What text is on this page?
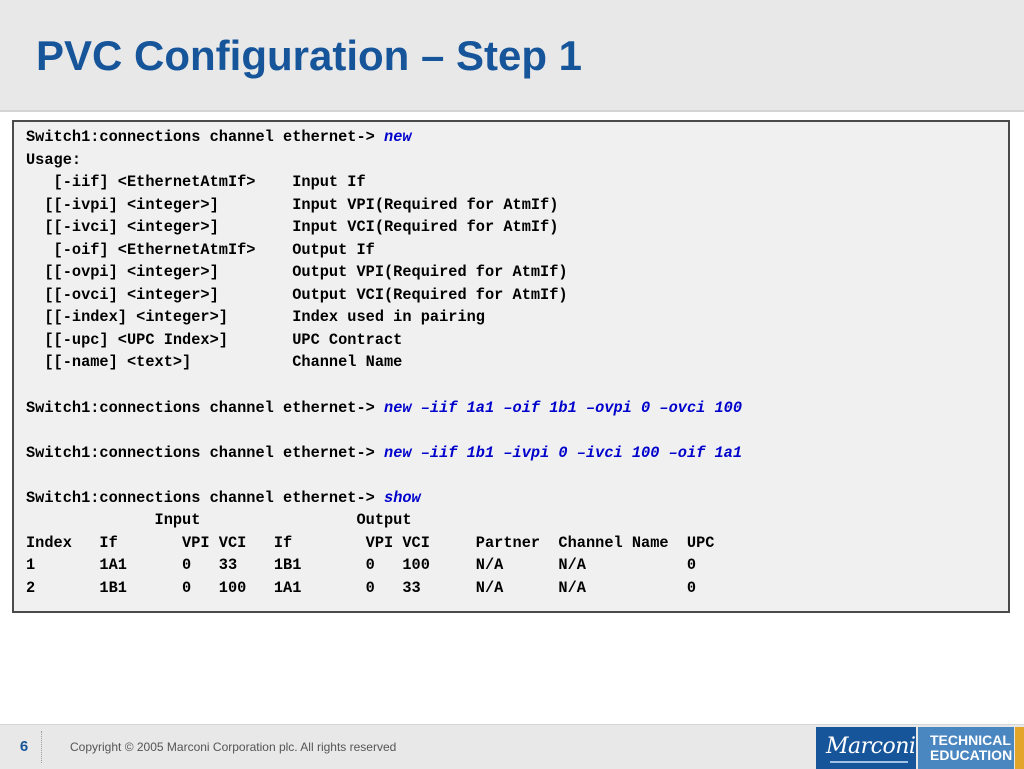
PVC Configuration – Step 1
Switch1:connections channel ethernet-> new
Usage:
[-iif] <EthernetAtmIf>    Input If
[[-ivpi] <integer>]        Input VPI(Required for AtmIf)
[[-ivci] <integer>]        Input VCI(Required for AtmIf)
[-oif] <EthernetAtmIf>    Output If
[[-ovpi] <integer>]        Output VPI(Required for AtmIf)
[[-ovci] <integer>]        Output VCI(Required for AtmIf)
[[-index] <integer>]       Index used in pairing
[[-upc] <UPC Index>]       UPC Contract
[[-name] <text>]           Channel Name

Switch1:connections channel ethernet-> new –iif 1a1 –oif 1b1 –ovpi 0 –ovci 100

Switch1:connections channel ethernet-> new –iif 1b1 –ivpi 0 –ivci 100 –oif 1a1

Switch1:connections channel ethernet-> show
Input                 Output
Index   If       VPI VCI   If        VPI VCI     Partner  Channel Name  UPC
1       1A1      0   33    1B1       0   100     N/A      N/A           0
2       1B1      0   100   1A1       0   33      N/A      N/A           0
6	Copyright © 2005 Marconi Corporation plc. All rights reserved	Marconi TECHNICAL
EDUCATION
